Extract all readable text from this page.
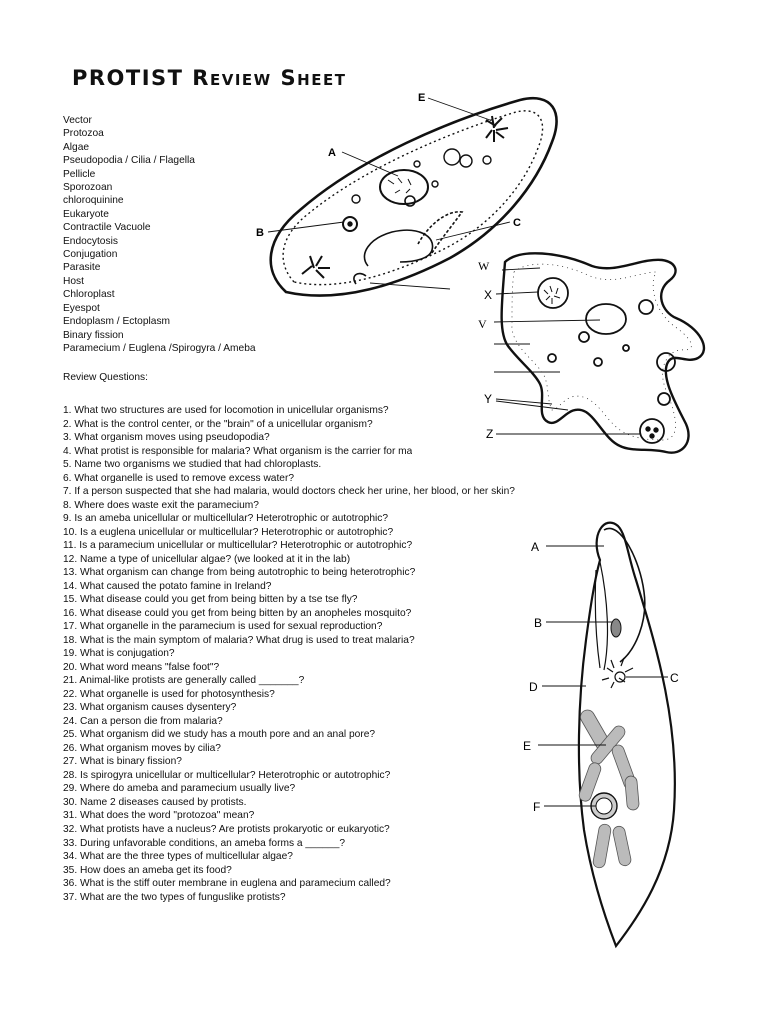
PROTIST Review Sheet
Vector
Protozoa
Algae
Pseudopodia / Cilia / Flagella
Pellicle
Sporozoan
chloroquinine
Eukaryote
Contractile Vacuole
Endocytosis
Conjugation
Parasite
Host
Chloroplast
Eyespot
Endoplasm / Ectoplasm
Binary fission
Paramecium / Euglena /Spirogyra / Ameba
Review Questions:
1. What two structures are used for locomotion in unicellular organisms?
2. What is the control center, or the "brain" of a unicellular organism?
3. What organism moves using pseudopodia?
4. What protist is responsible for malaria? What organism is the carrier for ma
5. Name two organisms we studied that had chloroplasts.
6. What organelle is used to remove excess water?
7. If a person suspected that she had malaria, would doctors check her urine, her blood, or her skin?
8. Where does waste exit the paramecium?
9. Is an ameba unicellular or multicellular? Heterotrophic or autotrophic?
10. Is a euglena unicellular or multicellular? Heterotrophic or autotrophic?
11. Is a paramecium unicellular or multicellular? Heterotrophic or autotrophic?
12. Name a type of unicellular algae? (we looked at it in the lab)
13. What organism can change from being autotrophic to being heterotrophic?
14. What caused the potato famine in Ireland?
15. What disease could you get from being bitten by a tse tse fly?
16. What disease could you get from being bitten by an anopheles mosquito?
17. What organelle in the paramecium is used for sexual reproduction?
18. What is the main symptom of malaria? What drug is used to treat malaria?
19. What is conjugation?
20. What word means "false foot"?
21. Animal-like protists are generally called _______?
22. What organelle is used for photosynthesis?
23. What organism causes dysentery?
24. Can a person die from malaria?
25. What organism did we study has a mouth pore and an anal pore?
26. What organism moves by cilia?
27. What is binary fission?
28. Is spirogyra unicellular or multicellular? Heterotrophic or autotrophic?
29. Where do ameba and paramecium usually live?
30. Name 2 diseases caused by protists.
31. What does the word "protozoa" mean?
32. What protists have a nucleus? Are protists prokaryotic or eukaryotic?
33. During unfavorable conditions, an ameba forms a ______?
34. What are the three types of multicellular algae?
35. How does an ameba get its food?
36. What is the stiff outer membrane in euglena and paramecium called?
37. What are the two types of funguslike protists?
E
A
B
C
W
X
V
Y
Z
A
B
C
D
E
F
